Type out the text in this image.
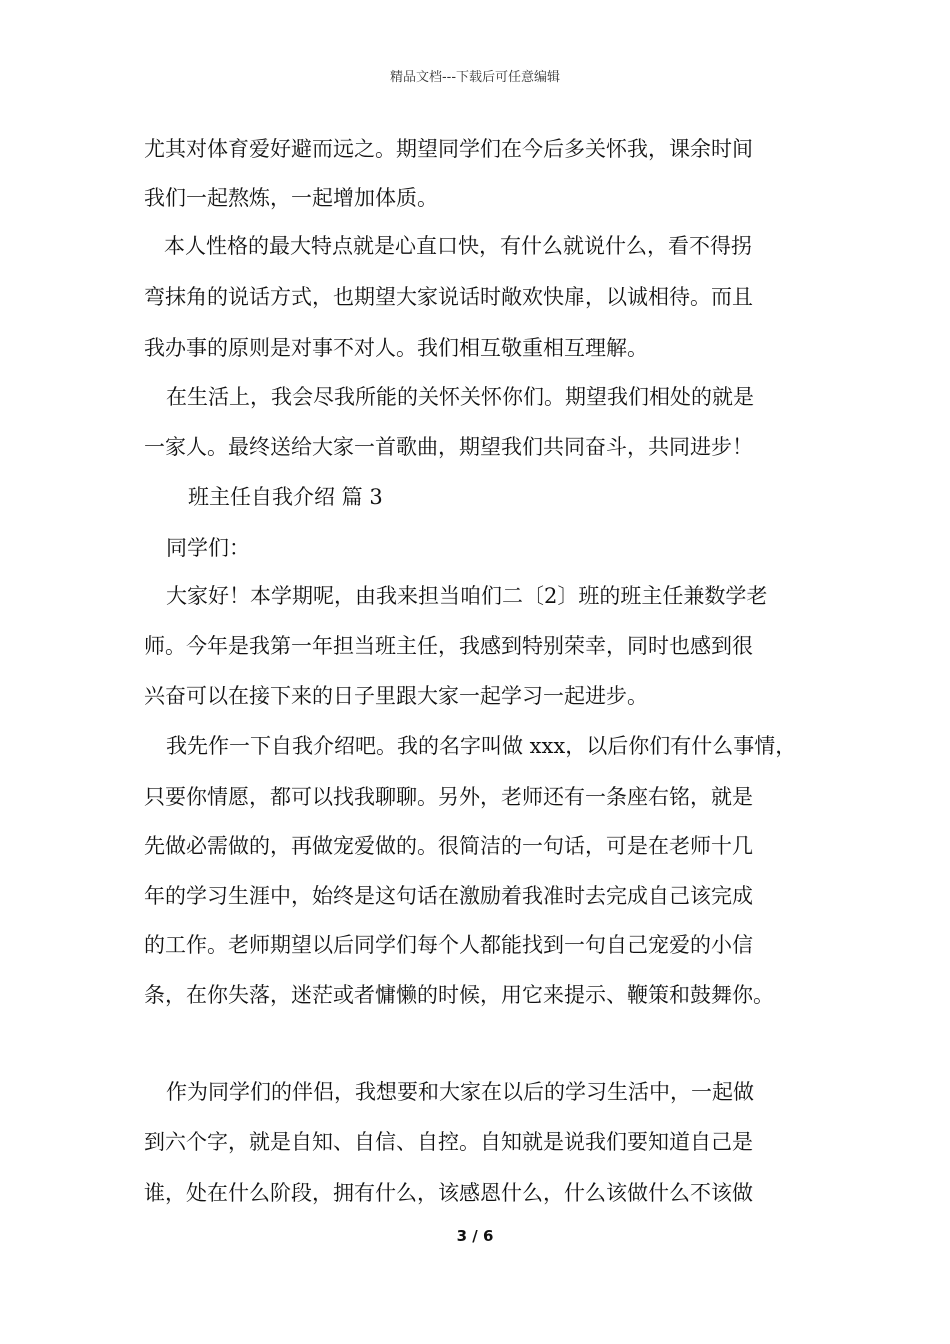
精品文档---下载后可任意编辑
尤其对体育爱好避而远之。期望同学们在今后多关怀我，课余时间
我们一起熬炼，一起增加体质。
本人性格的最大特点就是心直口快，有什么就说什么，看不得拐
弯抹角的说话方式，也期望大家说话时敞欢快扉，以诚相待。而且
我办事的原则是对事不对人。我们相互敬重相互理解。
在生活上，我会尽我所能的关怀关怀你们。期望我们相处的就是
一家人。最终送给大家一首歌曲，期望我们共同奋斗，共同进步！
班主任自我介绍 篇 3
同学们：
大家好！本学期呢，由我来担当咱们二〔2〕班的班主任兼数学老
师。今年是我第一年担当班主任，我感到特别荣幸，同时也感到很
兴奋可以在接下来的日子里跟大家一起学习一起进步。
我先作一下自我介绍吧。我的名字叫做 xxx，以后你们有什么事情，
只要你情愿，都可以找我聊聊。另外，老师还有一条座右铭，就是
先做必需做的，再做宠爱做的。很简洁的一句话，可是在老师十几
年的学习生涯中，始终是这句话在激励着我准时去完成自己该完成
的工作。老师期望以后同学们每个人都能找到一句自己宠爱的小信
条，在你失落，迷茫或者慵懒的时候，用它来提示、鞭策和鼓舞你。
作为同学们的伴侣，我想要和大家在以后的学习生活中，一起做
到六个字，就是自知、自信、自控。自知就是说我们要知道自己是
谁，处在什么阶段，拥有什么，该感恩什么，什么该做什么不该做
3 / 6
